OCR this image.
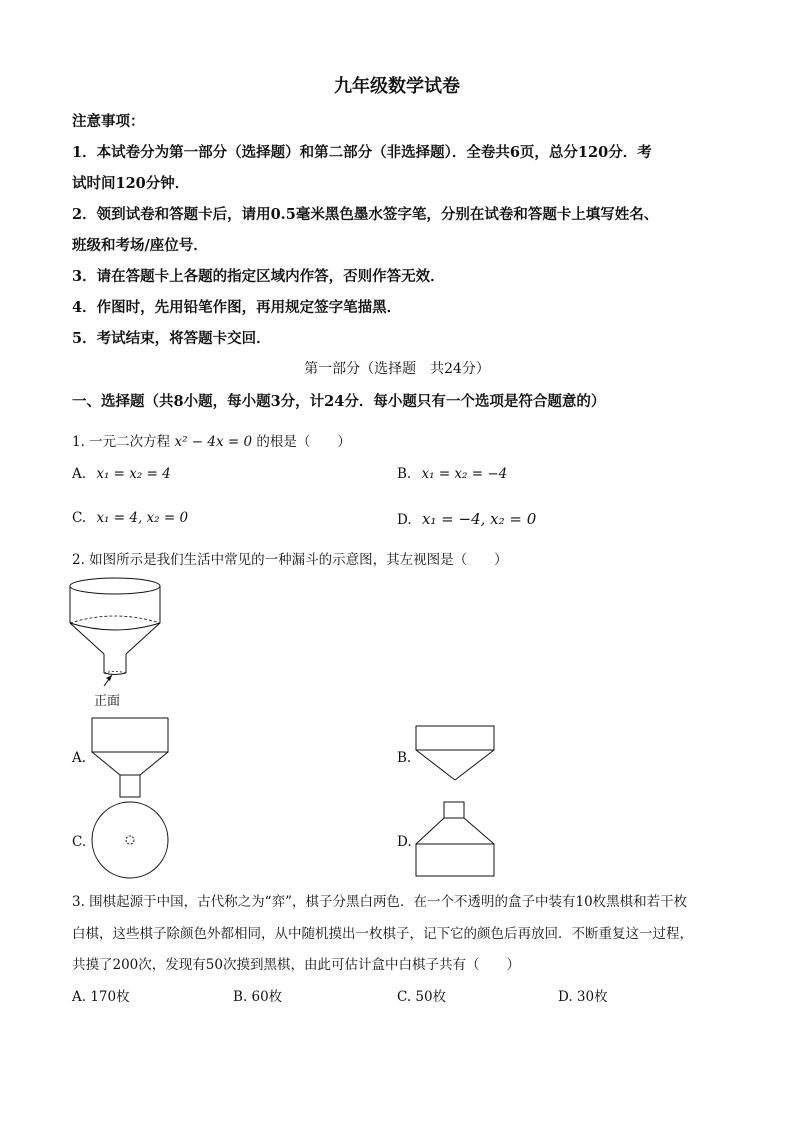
九年级数学试卷
注意事项：
1．本试卷分为第一部分（选择题）和第二部分（非选择题）．全卷共6页，总分120分．考
试时间120分钟．
2．领到试卷和答题卡后，请用0.5毫米黑色墨水签字笔，分别在试卷和答题卡上填写姓名、
班级和考场/座位号．
3．请在答题卡上各题的指定区域内作答，否则作答无效．
4．作图时，先用铅笔作图，再用规定签字笔描黑．
5．考试结束，将答题卡交回．
第一部分（选择题　共24分）
一、选择题（共8小题，每小题3分，计24分．每小题只有一个选项是符合题意的）
1. 一元二次方程 x² − 4x = 0 的根是（　　）
A. x₁ = x₂ = 4	B. x₁ = x₂ = −4
C. x₁ = 4, x₂ = 0	D. x₁ = −4, x₂ = 0
2. 如图所示是我们生活中常见的一种漏斗的示意图，其左视图是（　　）
正面
A.	B.
C.	D.
3. 围棋起源于中国，古代称之为“弈”，棋子分黑白两色．在一个不透明的盒子中装有10枚黑棋和若干枚
白棋，这些棋子除颜色外都相同，从中随机摸出一枚棋子，记下它的颜色后再放回．不断重复这一过程，
共摸了200次，发现有50次摸到黑棋，由此可估计盒中白棋子共有（　　）
A. 170枚	B. 60枚	C. 50枚	D. 30枚
